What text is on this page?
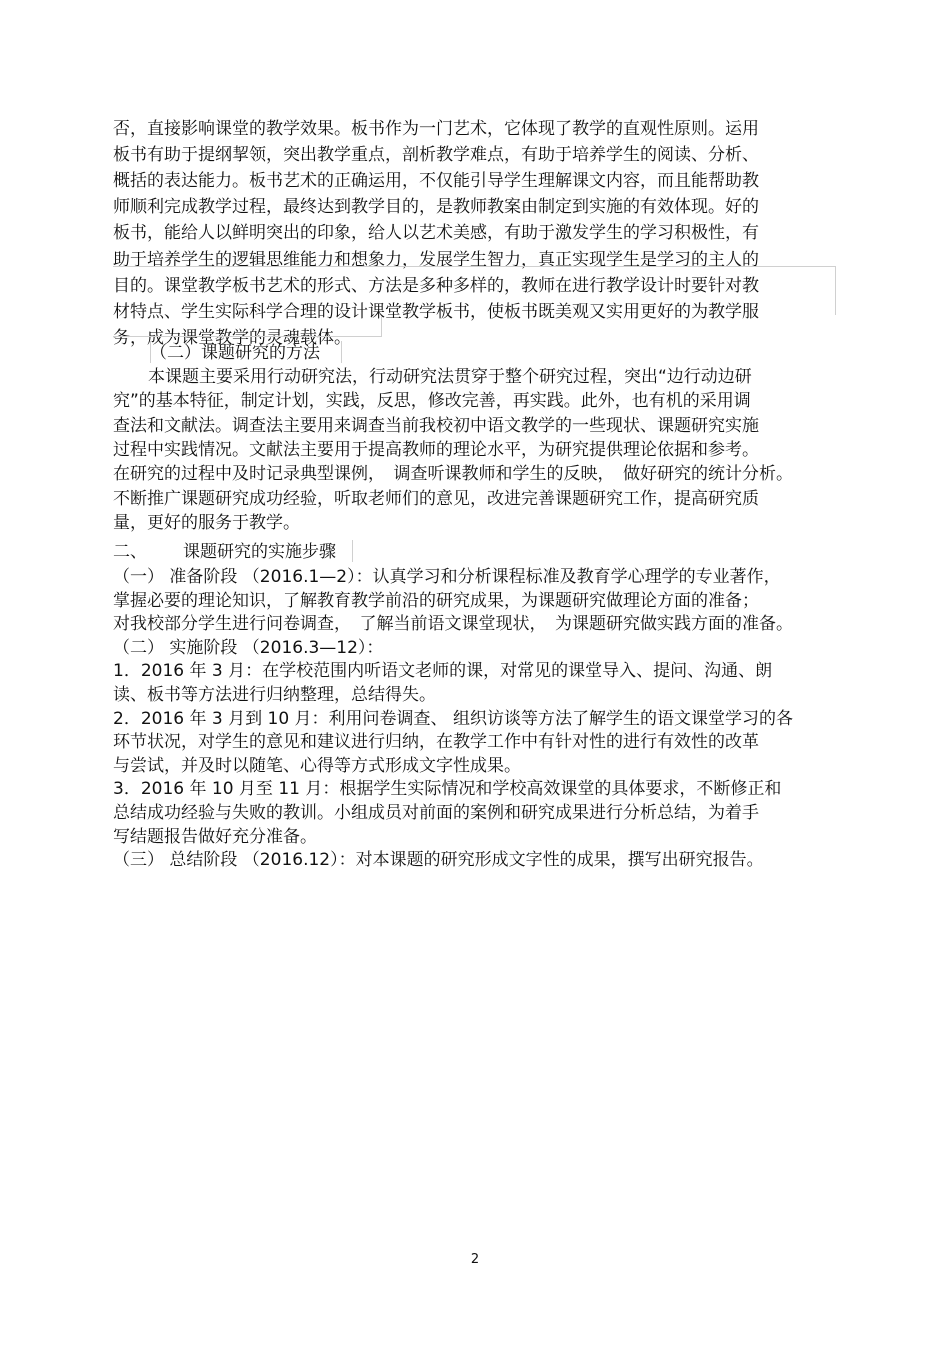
否，直接影响课堂的教学效果。板书作为一门艺术，它体现了教学的直观性原则。运用
板书有助于提纲挈领，突出教学重点，剖析教学难点，有助于培养学生的阅读、分析、
概括的表达能力。板书艺术的正确运用，不仅能引导学生理解课文内容，而且能帮助教
师顺利完成教学过程，最终达到教学目的，是教师教案由制定到实施的有效体现。好的
板书，能给人以鲜明突出的印象，给人以艺术美感，有助于激发学生的学习积极性，有
助于培养学生的逻辑思维能力和想象力，发展学生智力，真正实现学生是学习的主人的
目的。课堂教学板书艺术的形式、方法是多种多样的，教师在进行教学设计时要针对教
材特点、学生实际科学合理的设计课堂教学板书，使板书既美观又实用更好的为教学服
务，成为课堂教学的灵魂载体。
（二）课题研究的方法
本课题主要采用行动研究法，行动研究法贯穿于整个研究过程，突出“边行动边研
究”的基本特征，制定计划，实践，反思，修改完善，再实践。此外，也有机的采用调
查法和文献法。调查法主要用来调查当前我校初中语文教学的一些现状、课题研究实施
过程中实践情况。文献法主要用于提高教师的理论水平，为研究提供理论依据和参考。
在研究的过程中及时记录典型课例，　调查听课教师和学生的反映，　做好研究的统计分析。
不断推广课题研究成功经验，听取老师们的意见，改进完善课题研究工作，提高研究质
量，更好的服务于教学。
二、 课题研究的实施步骤
（一） 准备阶段 （2016.1—2）：认真学习和分析课程标准及教育学心理学的专业著作，
掌握必要的理论知识，了解教育教学前沿的研究成果，为课题研究做理论方面的准备；
对我校部分学生进行问卷调查，　了解当前语文课堂现状，　为课题研究做实践方面的准备。
（二） 实施阶段 （2016.3—12）：
1．2016 年 3 月：在学校范围内听语文老师的课，对常见的课堂导入、提问、沟通、朗
读、板书等方法进行归纳整理，总结得失。
2．2016 年 3 月到 10 月：利用问卷调查、 组织访谈等方法了解学生的语文课堂学习的各
环节状况，对学生的意见和建议进行归纳，在教学工作中有针对性的进行有效性的改革
与尝试，并及时以随笔、心得等方式形成文字性成果。
3．2016 年 10 月至 11 月：根据学生实际情况和学校高效课堂的具体要求，不断修正和
总结成功经验与失败的教训。小组成员对前面的案例和研究成果进行分析总结，为着手
写结题报告做好充分准备。
（三） 总结阶段 （2016.12）：对本课题的研究形成文字性的成果，撰写出研究报告。
2
